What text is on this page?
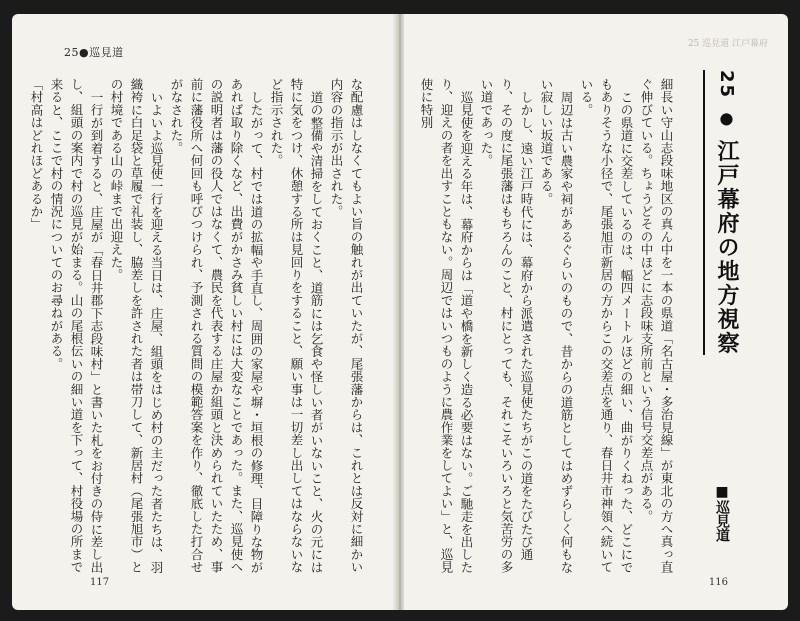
25●巡見道

な配慮はしなくてもよい旨の触れが出ていたが、尾張藩からは、これとは反対に細かい内容の指示が出された。

道の整備や清掃をしておくこと、道筋には乞食や怪しい者がいないこと、火の元には特に気をつけ、休憩する所は見回りをすること、願い事は一切差し出してはならないなど指示された。

したがって、村では道の拡幅や手直し、周囲の家屋や塀・垣根の修理、目障りな物があれば取り除くなど、出費がかさみ貧しい村には大変なことであった。また、巡見使への説明者は藩の役人ではなくて、農民を代表する庄屋か組頭と決められていたため、事前に藩役所へ何回も呼びつけられ、予測される質問の模範答案を作り、徹底した打合せがなされた。

いよいよ巡見使一行を迎える当日は、庄屋、組頭をはじめ村の主だった者たちは、羽織袴に白足袋と草履で礼装し、脇差しを許された者は帯刀して、新居村（尾張旭市）との村境である山の峠まで出迎えた。

一行が到着すると、庄屋が「春日井郡下志段味村」と書いた札をお付きの侍に差し出し、組頭の案内で村の巡見が始まる。山の尾根伝いの細い道を下って、村役場の所まで来ると、ここで村の情況についてのお尋ねがある。

「村高はどれほどあるか」

117
25 巡見道 江戸幕府
25 ● 江戸幕府の地方視察
■巡見道

細長い守山志段味地区の真ん中を一本の県道「名古屋・多治見線」が東北の方へ真っ直ぐ伸びている。ちょうどその中ほどに志段味支所前という信号交差点がある。

この県道に交差しているのは、幅四メートルほどの細い、曲がりくねった、どこにでもありそうな小径で、尾張旭市新居の方からこの交差点を通り、春日井市神領へ続いている。

周辺は古い農家や祠があるぐらいのもので、昔からの道筋としてはめずらしく何もない寂しい坂道である。

しかし、遠い江戸時代には、幕府から派遣された巡見使たちがこの道をたびたび通り、その度に尾張藩はもちろんのこと、村にとっても、それこそいろいろと気苦労の多い道であった。

巡見使を迎える年は、幕府からは「道や橋を新しく造る必要はない。ご馳走を出したり、迎えの者を出すこともない。周辺ではいつものように農作業をしてよい」と、巡見使に特別

116
